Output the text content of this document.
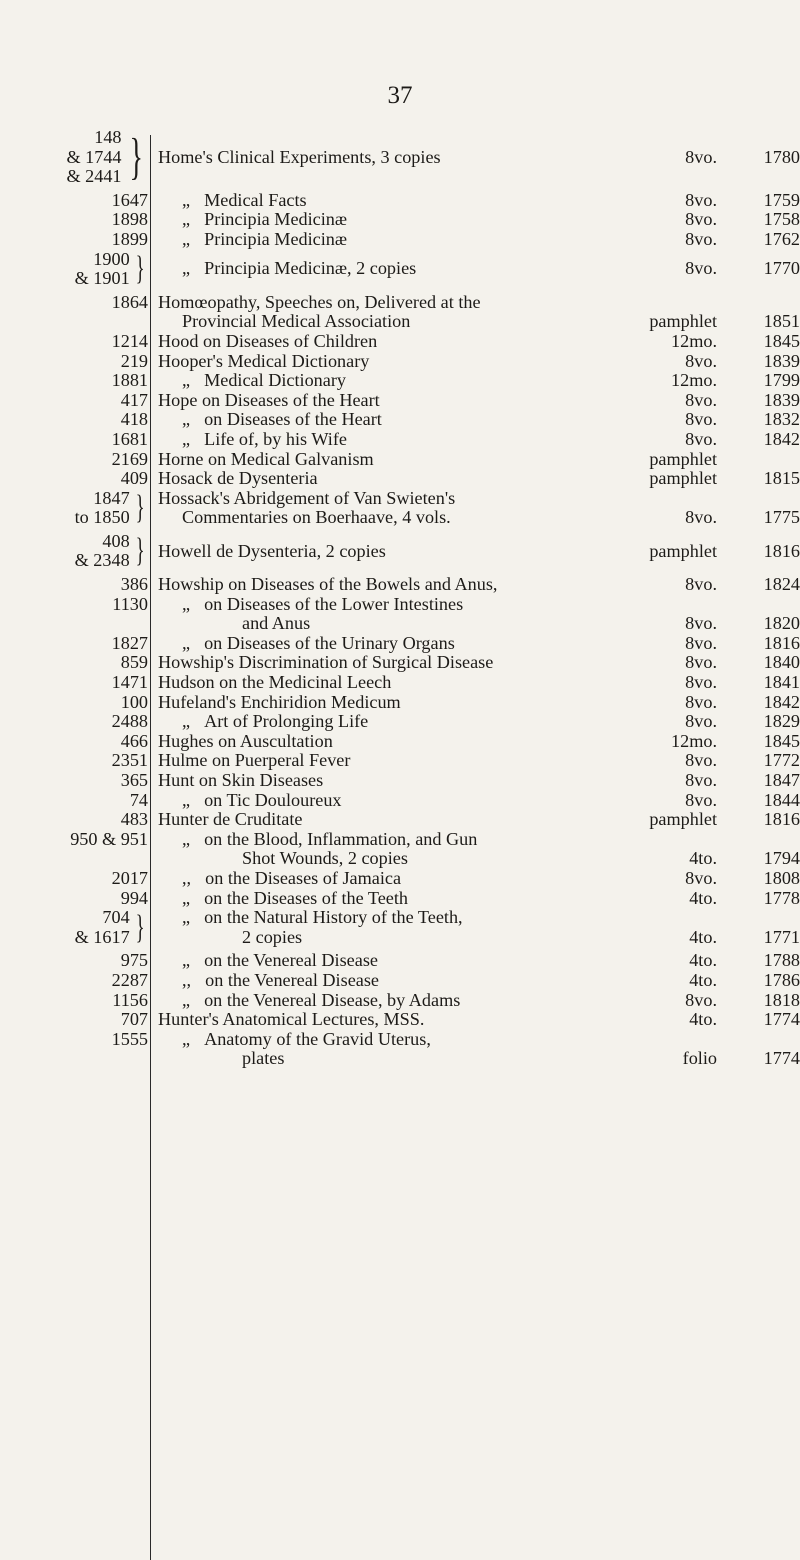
37
148
& 1744
& 2441 } Home's Clinical Experiments, 3 copies	8vo.	1780
1647	„ Medical Facts	8vo.	1759
1898	„ Principia Medicinæ	8vo.	1758
1899	„ Principia Medicinæ	8vo.	1762
1900
& 1901 }	„ Principia Medicinæ, 2 copies	8vo.	1770
1864 Homœopathy, Speeches on, Delivered at the
Provincial Medical Association	pamphlet	1851
1214 Hood on Diseases of Children	12mo.	1845
219 Hooper's Medical Dictionary	8vo.	1839
1881	„ Medical Dictionary	12mo.	1799
417 Hope on Diseases of the Heart	8vo.	1839
418	„ on Diseases of the Heart	8vo.	1832
1681	„ Life of, by his Wife	8vo.	1842
2169 Horne on Medical Galvanism	pamphlet
409 Hosack de Dysenteria	pamphlet	1815
1847
to 1850 } Hossack's Abridgement of Van Swieten's
Commentaries on Boerhaave, 4 vols.	8vo.	1775
408
& 2348 } Howell de Dysenteria, 2 copies	pamphlet	1816
386 Howship on Diseases of the Bowels and Anus,	8vo.	1824
1130	„ on Diseases of the Lower Intestines
and Anus	8vo.	1820
1827	„ on Diseases of the Urinary Organs	8vo.	1816
859 Howship's Discrimination of Surgical Disease	8vo.	1840
1471 Hudson on the Medicinal Leech	8vo.	1841
100 Hufeland's Enchiridion Medicum	8vo.	1842
2488	„ Art of Prolonging Life	8vo.	1829
466 Hughes on Auscultation	12mo.	1845
2351 Hulme on Puerperal Fever	8vo.	1772
365 Hunt on Skin Diseases	8vo.	1847
74	„ on Tic Douloureux	8vo.	1844
483 Hunter de Cruditate	pamphlet	1816
950 & 951	„ on the Blood, Inflammation, and Gun
Shot Wounds, 2 copies	4to.	1794
2017	,, on the Diseases of Jamaica	8vo.	1808
994	„ on the Diseases of the Teeth	4to.	1778
704
& 1617 }	„ on the Natural History of the Teeth,
2 copies	4to.	1771
975	„ on the Venereal Disease	4to.	1788
2287	,, on the Venereal Disease	4to.	1786
1156	„ on the Venereal Disease, by Adams	8vo.	1818
707 Hunter's Anatomical Lectures, MSS.	4to.	1774
1555	„ Anatomy of the Gravid Uterus,
plates	folio	1774
